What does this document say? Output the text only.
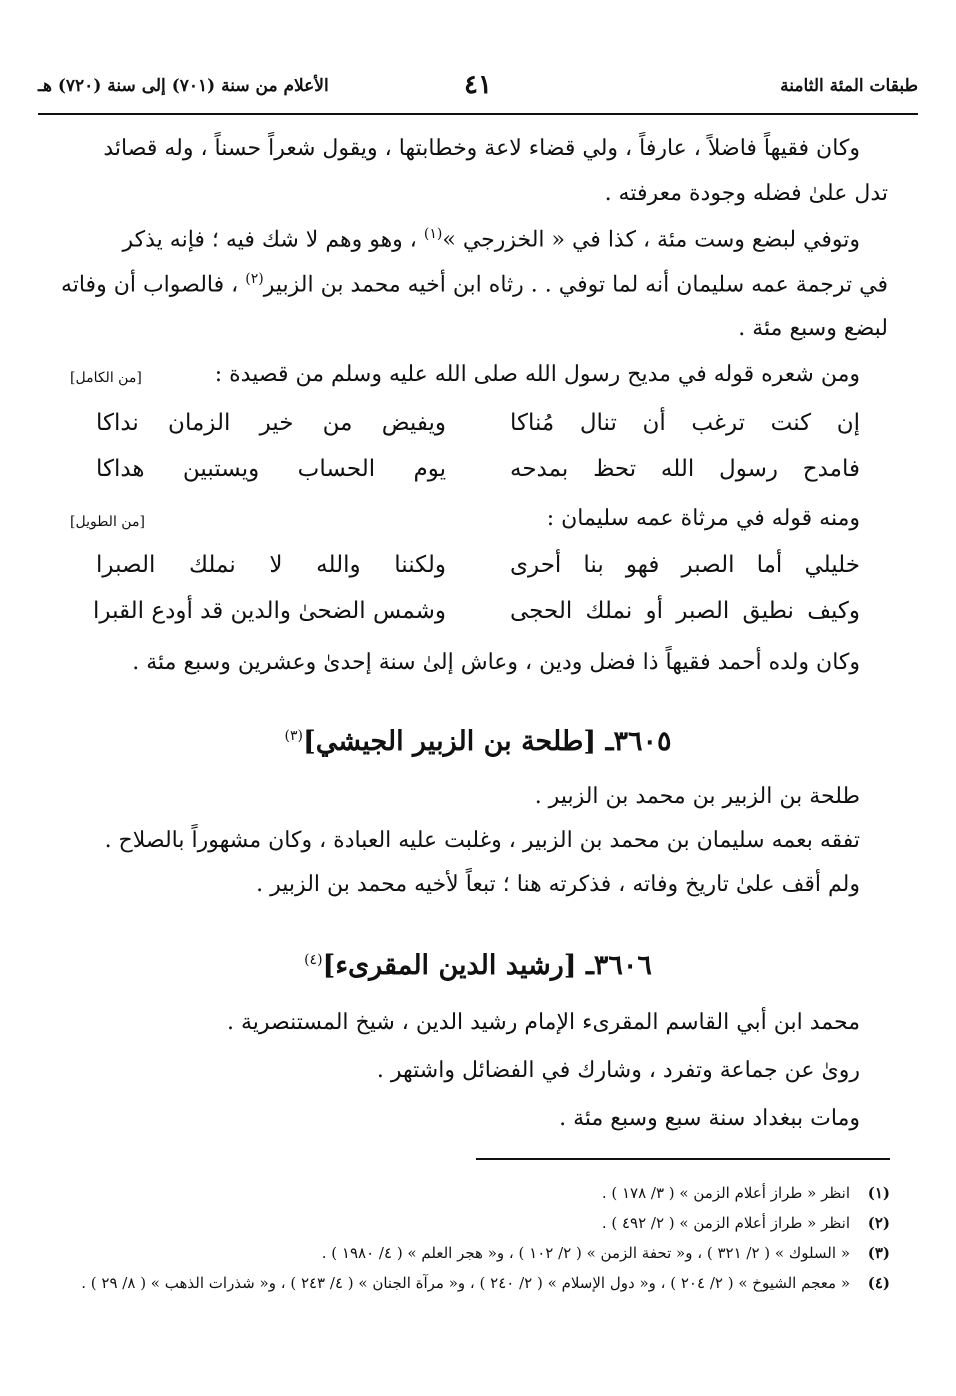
طبقات المئة الثامنة
٤١
الأعلام من سنة (٧٠١) إلى سنة (٧٢٠) هـ
وكان فقيهاً فاضلاً ، عارفاً ، ولي قضاء لاعة وخطابتها ، ويقول شعراً حسناً ، وله قصائد
تدل علىٰ فضله وجودة معرفته .
وتوفي لبضع وست مئة ، كذا في « الخزرجي »$^{(١)}$ ، وهو وهم لا شك فيه ؛ فإنه يذكر
في ترجمة عمه سليمان أنه لما توفي . . رثاه ابن أخيه محمد بن الزبير$^{(٢)}$ ، فالصواب أن وفاته
لبضع وسبع مئة .
ومن شعره قوله في مديح رسول الله صلى الله عليه وسلم من قصيدة :
[من الكامل]
إن كنت ترغب أن تنال مُناكا
ويفيض من خير الزمان نداكا
فامدح رسول الله تحظ بمدحه
يوم الحساب ويستبين هداكا
ومنه قوله في مرثاة عمه سليمان :
[من الطويل]
خليلي أما الصبر فهو بنا أحرى
ولكننا والله لا نملك الصبرا
وكيف نطيق الصبر أو نملك الحجى
وشمس الضحىٰ والدين قد أودع القبرا
وكان ولده أحمد فقيهاً ذا فضل ودين ، وعاش إلىٰ سنة إحدىٰ وعشرين وسبع مئة .
٣٦٠٥ـ [طلحة بن الزبير الجيشي]$^{(٣)}$
طلحة بن الزبير بن محمد بن الزبير .
تفقه بعمه سليمان بن محمد بن الزبير ، وغلبت عليه العبادة ، وكان مشهوراً بالصلاح .
ولم أقف علىٰ تاريخ وفاته ، فذكرته هنا ؛ تبعاً لأخيه محمد بن الزبير .
٣٦٠٦ـ [رشيد الدين المقرىء]$^{(٤)}$
محمد ابن أبي القاسم المقرىء الإمام رشيد الدين ، شيخ المستنصرية .
روىٰ عن جماعة وتفرد ، وشارك في الفضائل واشتهر .
ومات ببغداد سنة سبع وسبع مئة .
(١)انظر « طراز أعلام الزمن » ( ٣/ ١٧٨ ) .
(٢)انظر « طراز أعلام الزمن » ( ٢/ ٤٩٢ ) .
(٣)« السلوك » ( ٢/ ٣٢١ ) ، و« تحفة الزمن » ( ٢/ ١٠٢ ) ، و« هجر العلم » ( ٤/ ١٩٨٠ ) .
(٤)« معجم الشيوخ » ( ٢/ ٢٠٤ ) ، و« دول الإسلام » ( ٢/ ٢٤٠ ) ، و« مرآة الجنان » ( ٤/ ٢٤٣ ) ، و« شذرات الذهب » ( ٨/ ٢٩ ) .
